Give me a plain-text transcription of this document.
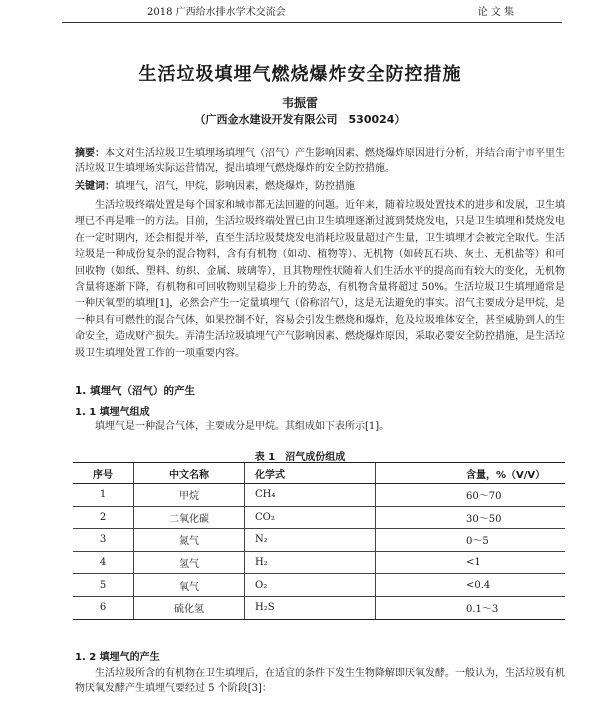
2018 广西给水排水学术交流会	论 文 集
生活垃圾填埋气燃烧爆炸安全防控措施
韦振雷
（广西金水建设开发有限公司　530024）
摘要：本文对生活垃圾卫生填埋场填埋气（沼气）产生影响因素、燃烧爆炸原因进行分析，并结合南宁市平里生活垃圾卫生填埋场实际运营情况，提出填埋气燃烧爆炸的安全防控措施。
关键词：填埋气，沼气，甲烷，影响因素，燃烧爆炸，防控措施
生活垃圾终端处置是每个国家和城市都无法回避的问题。近年来，随着垃圾处置技术的进步和发展，卫生填埋已不再是唯一的方法。目前，生活垃圾终端处置已由卫生填埋逐渐过渡到焚烧发电，只是卫生填埋和焚烧发电在一定时期内，还会相提并举，直至生活垃圾焚烧发电消耗垃圾量超过产生量，卫生填埋才会被完全取代。生活垃圾是一种成份复杂的混合物料，含有有机物（如动、植物等）、无机物（如砖瓦石块、灰土、无机盐等）和可回收物（如纸、塑料、纺织、金属、玻璃等），且其物理性状随着人们生活水平的提高而有较大的变化，无机物含量将逐渐下降，有机物和可回收物则呈稳步上升的势态，有机物含量将超过 50%。生活垃圾卫生填埋通常是一种厌氧型的填埋[1]，必然会产生一定量填埋气（俗称沼气），这是无法避免的事实。沼气主要成分是甲烷，是一种具有可燃性的混合气体，如果控制不好，容易会引发生燃烧和爆炸，危及垃圾堆体安全，甚至威胁到人的生命安全，造成财产损失。弄清生活垃圾填埋气产气影响因素、燃烧爆炸原因，采取必要安全防控措施，是生活垃圾卫生填埋处置工作的一项重要内容。
1. 填埋气（沼气）的产生
1. 1 填埋气组成
填埋气是一种混合气体，主要成分是甲烷。其组成如下表所示[1]。
表 1　沼气成份组成
序号	中文名称	化学式	含量，%（V/V）
1	甲烷	CH₄	60～70
2	二氧化碳	CO₂	30～50
3	氮气	N₂	0～5
4	氢气	H₂	<1
5	氧气	O₂	<0.4
6	硫化氢	H₂S	0.1～3
1. 2 填埋气的产生
生活垃圾所含的有机物在卫生填埋后，在适宜的条件下发生生物降解即厌氧发酵。一般认为，生活垃圾有机物厌氧发酵产生填埋气要经过 5 个阶段[3]：
